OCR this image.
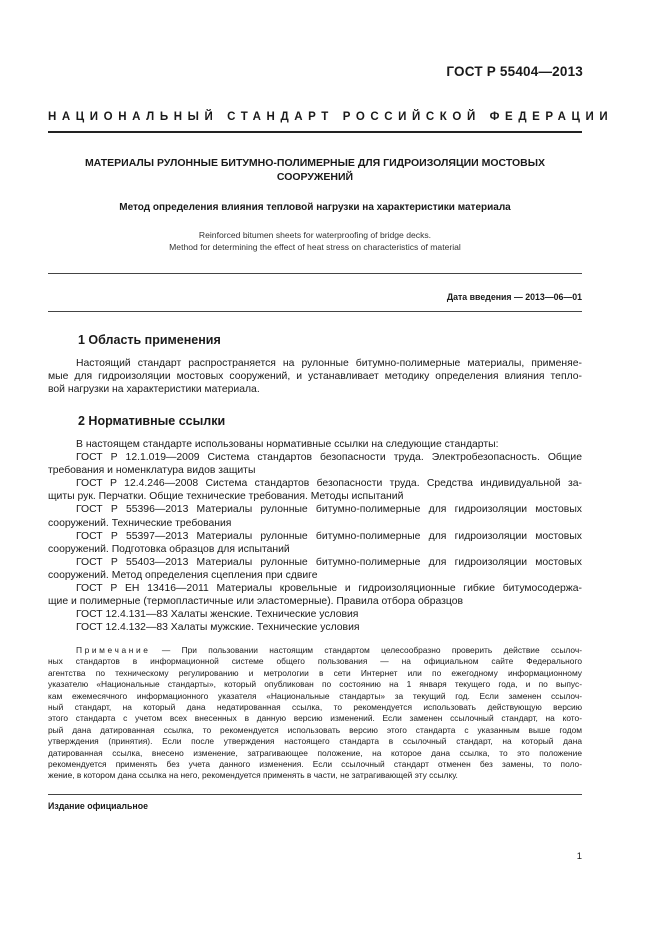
ГОСТ Р 55404—2013
НАЦИОНАЛЬНЫЙ СТАНДАРТ РОССИЙСКОЙ ФЕДЕРАЦИИ
МАТЕРИАЛЫ РУЛОННЫЕ БИТУМНО-ПОЛИМЕРНЫЕ ДЛЯ ГИДРОИЗОЛЯЦИИ МОСТОВЫХ
СООРУЖЕНИЙ
Метод определения влияния тепловой нагрузки на характеристики материала
Reinforced bitumen sheets for waterproofing of bridge decks.
Method for determining the effect of heat stress on characteristics of material
Дата введения — 2013—06—01
1 Область применения
Настоящий стандарт распространяется на рулонные битумно-полимерные материалы, применяе-
мые для гидроизоляции мостовых сооружений, и устанавливает методику определения влияния тепло-
вой нагрузки на характеристики материала.
2 Нормативные ссылки
В настоящем стандарте использованы нормативные ссылки на следующие стандарты:
ГОСТ Р 12.1.019—2009 Система стандартов безопасности труда. Электробезопасность. Общие
требования и номенклатура видов защиты
ГОСТ Р 12.4.246—2008 Система стандартов безопасности труда. Средства индивидуальной за-
щиты рук. Перчатки. Общие технические требования. Методы испытаний
ГОСТ Р 55396—2013 Материалы рулонные битумно-полимерные для гидроизоляции мостовых
сооружений. Технические требования
ГОСТ Р 55397—2013 Материалы рулонные битумно-полимерные для гидроизоляции мостовых
сооружений. Подготовка образцов для испытаний
ГОСТ Р 55403—2013 Материалы рулонные битумно-полимерные для гидроизоляции мостовых
сооружений. Метод определения сцепления при сдвиге
ГОСТ Р ЕН 13416—2011 Материалы кровельные и гидроизоляционные гибкие битумосодержа-
щие и полимерные (термопластичные или эластомерные). Правила отбора образцов
ГОСТ 12.4.131—83 Халаты женские. Технические условия
ГОСТ 12.4.132—83 Халаты мужские. Технические условия
Примечание — При пользовании настоящим стандартом целесообразно проверить действие ссылоч-
ных стандартов в информационной системе общего пользования — на официальном сайте Федерального
агентства по техническому регулированию и метрологии в сети Интернет или по ежегодному информационному
указателю «Национальные стандарты», который опубликован по состоянию на 1 января текущего года, и по выпус-
кам ежемесячного информационного указателя «Национальные стандарты» за текущий год. Если заменен ссылоч-
ный стандарт, на который дана недатированная ссылка, то рекомендуется использовать действующую версию
этого стандарта с учетом всех внесенных в данную версию изменений. Если заменен ссылочный стандарт, на кото-
рый дана датированная ссылка, то рекомендуется использовать версию этого стандарта с указанным выше годом
утверждения (принятия). Если после утверждения настоящего стандарта в ссылочный стандарт, на который дана
датированная ссылка, внесено изменение, затрагивающее положение, на которое дана ссылка, то это положение
рекомендуется применять без учета данного изменения. Если ссылочный стандарт отменен без замены, то поло-
жение, в котором дана ссылка на него, рекомендуется применять в части, не затрагивающей эту ссылку.
Издание официальное
1
